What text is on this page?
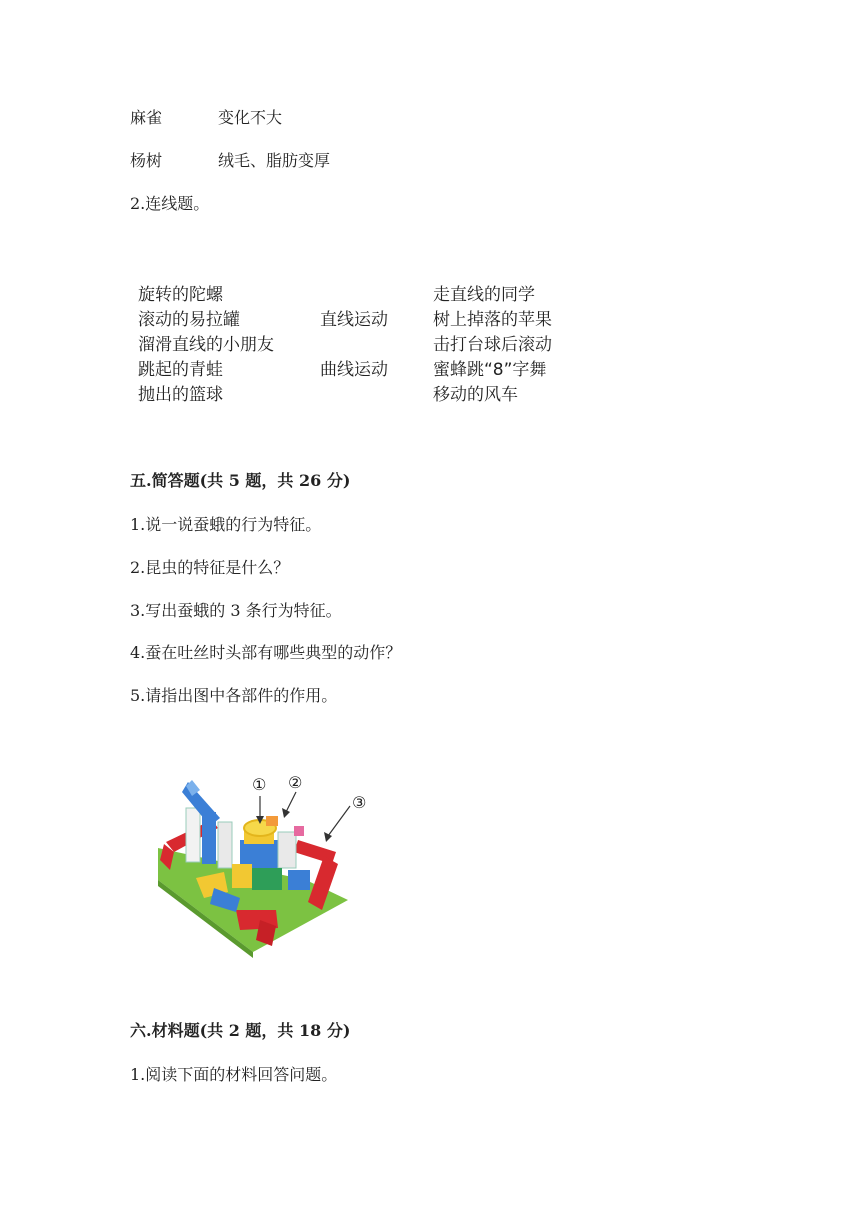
麻雀	变化不大
杨树	绒毛、脂肪变厚
2.连线题。
旋转的陀螺
滚动的易拉罐
溜滑直线的小朋友
跳起的青蛙
抛出的篮球
直线运动
曲线运动
走直线的同学
树上掉落的苹果
击打台球后滚动
蜜蜂跳“8”字舞
移动的风车
五.简答题(共 5 题，共 26 分)
1.说一说蚕蛾的行为特征。
2.昆虫的特征是什么？
3.写出蚕蛾的 3 条行为特征。
4.蚕在吐丝时头部有哪些典型的动作？
5.请指出图中各部件的作用。
① ②
③
六.材料题(共 2 题，共 18 分)
1.阅读下面的材料回答问题。
